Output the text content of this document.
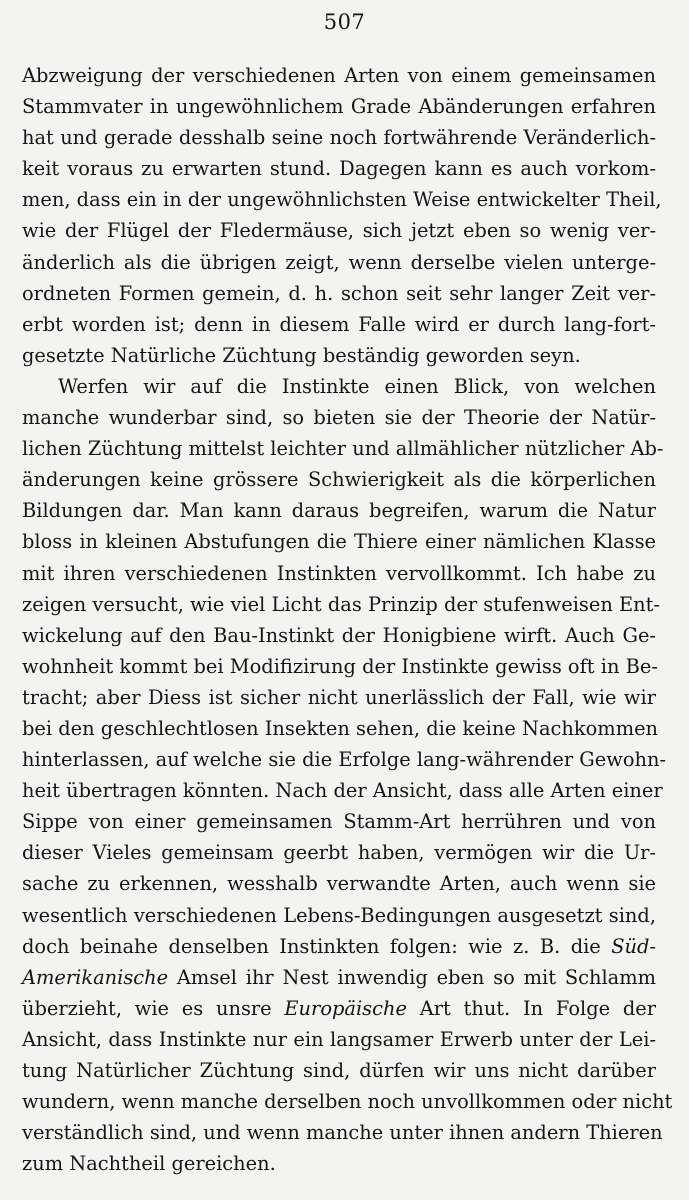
507
Abzweigung der verschiedenen Arten von einem gemeinsamen
Stammvater in ungewöhnlichem Grade Abänderungen erfahren
hat und gerade desshalb seine noch fortwährende Veränderlich-
keit voraus zu erwarten stund. Dagegen kann es auch vorkom-
men, dass ein in der ungewöhnlichsten Weise entwickelter Theil,
wie der Flügel der Fledermäuse, sich jetzt eben so wenig ver-
änderlich als die übrigen zeigt, wenn derselbe vielen unterge-
ordneten Formen gemein, d. h. schon seit sehr langer Zeit ver-
erbt worden ist; denn in diesem Falle wird er durch lang-fort-
gesetzte Natürliche Züchtung beständig geworden seyn.
Werfen wir auf die Instinkte einen Blick, von welchen
manche wunderbar sind, so bieten sie der Theorie der Natür-
lichen Züchtung mittelst leichter und allmählicher nützlicher Ab-
änderungen keine grössere Schwierigkeit als die körperlichen
Bildungen dar. Man kann daraus begreifen, warum die Natur
bloss in kleinen Abstufungen die Thiere einer nämlichen Klasse
mit ihren verschiedenen Instinkten vervollkommt. Ich habe zu
zeigen versucht, wie viel Licht das Prinzip der stufenweisen Ent-
wickelung auf den Bau-Instinkt der Honigbiene wirft. Auch Ge-
wohnheit kommt bei Modifizirung der Instinkte gewiss oft in Be-
tracht; aber Diess ist sicher nicht unerlässlich der Fall, wie wir
bei den geschlechtlosen Insekten sehen, die keine Nachkommen
hinterlassen, auf welche sie die Erfolge lang-währender Gewohn-
heit übertragen könnten. Nach der Ansicht, dass alle Arten einer
Sippe von einer gemeinsamen Stamm-Art herrühren und von
dieser Vieles gemeinsam geerbt haben, vermögen wir die Ur-
sache zu erkennen, wesshalb verwandte Arten, auch wenn sie
wesentlich verschiedenen Lebens-Bedingungen ausgesetzt sind,
doch beinahe denselben Instinkten folgen: wie z. B. die Süd-
Amerikanische Amsel ihr Nest inwendig eben so mit Schlamm
überzieht, wie es unsre Europäische Art thut. In Folge der
Ansicht, dass Instinkte nur ein langsamer Erwerb unter der Lei-
tung Natürlicher Züchtung sind, dürfen wir uns nicht darüber
wundern, wenn manche derselben noch unvollkommen oder nicht
verständlich sind, und wenn manche unter ihnen andern Thieren
zum Nachtheil gereichen.
